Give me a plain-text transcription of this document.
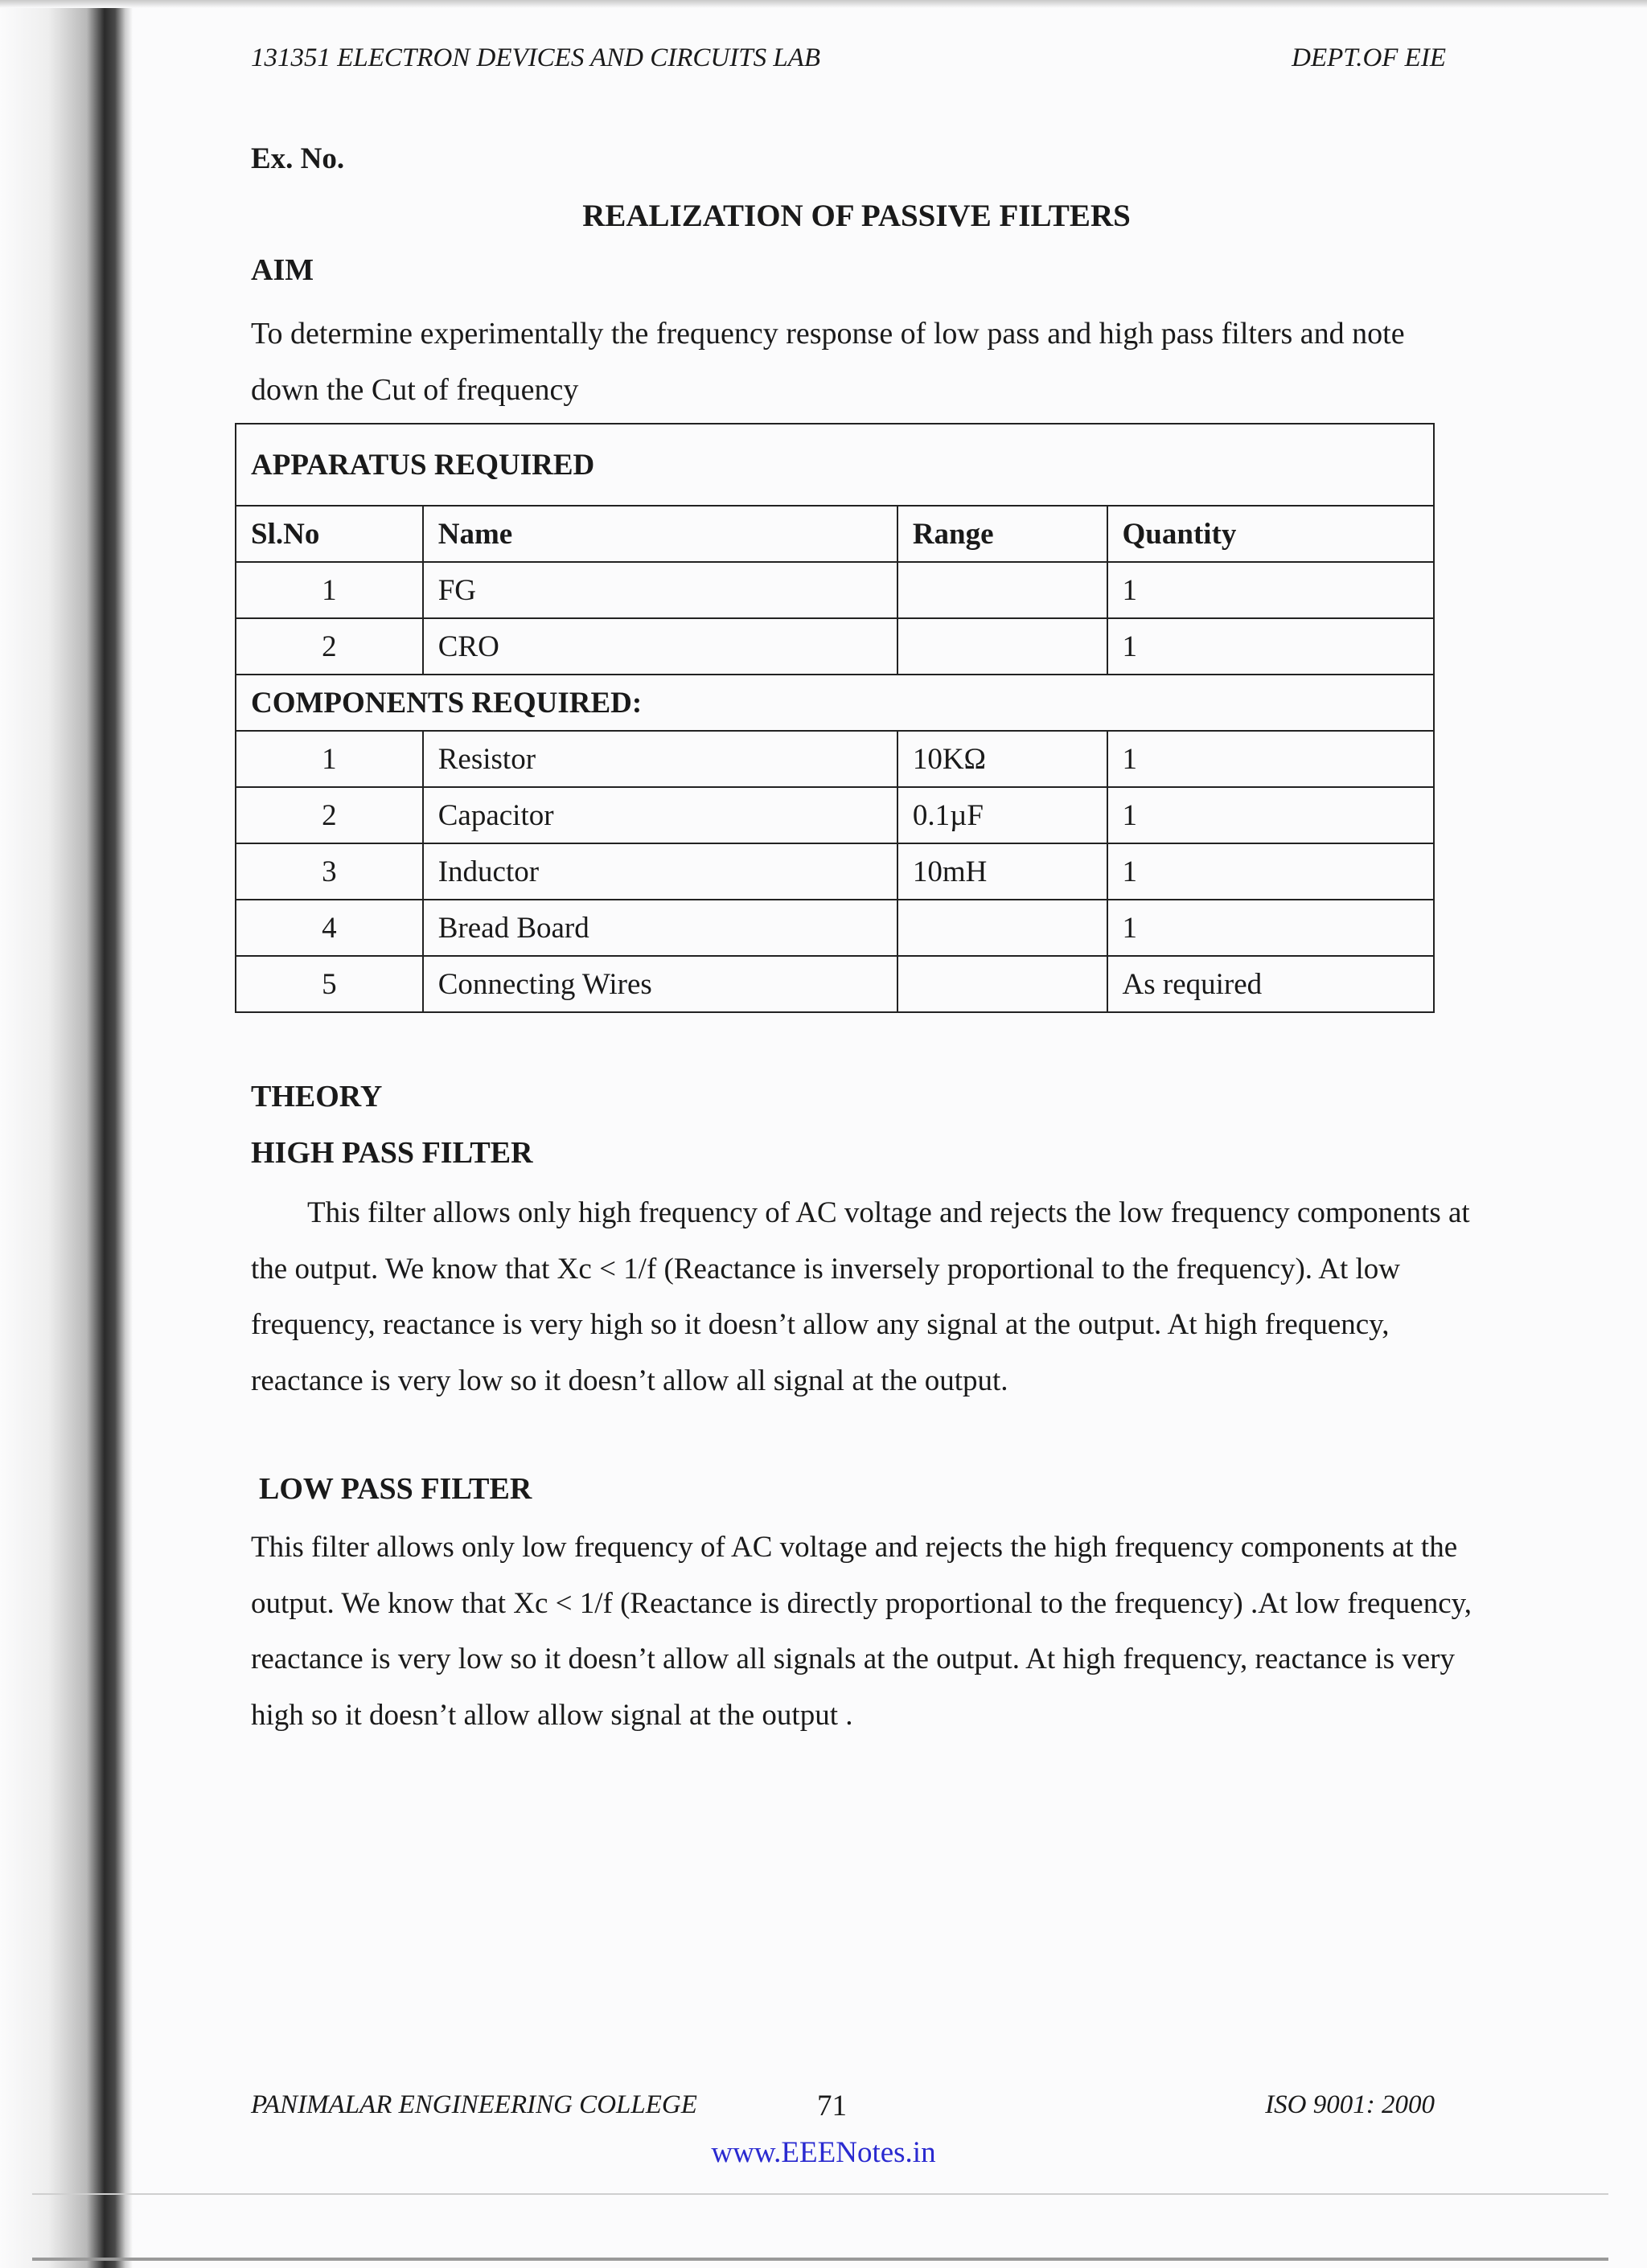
131351 ELECTRON DEVICES AND CIRCUITS LAB	DEPT.OF EIE
Ex. No.
REALIZATION OF PASSIVE FILTERS
AIM
To determine experimentally the frequency response of low pass and high pass filters and note down the Cut of frequency
APPARATUS REQUIRED			
Sl.No	Name	Range	Quantity
1	FG		1
2	CRO		1
COMPONENTS REQUIRED:			
1	Resistor	10KΩ	1
2	Capacitor	0.1µF	1
3	Inductor	10mH	1
4	Bread Board		1
5	Connecting Wires		As required
THEORY
HIGH PASS FILTER
This filter allows only high frequency of AC voltage and rejects the low frequency components at the output. We know that Xc < 1/f (Reactance is inversely proportional to the frequency). At low frequency, reactance is very high so it doesn’t allow any signal at the output. At high frequency, reactance is very low so it doesn’t allow all signal at the output.
LOW PASS FILTER
This filter allows only low frequency of AC voltage and rejects the high frequency components at the output. We know that Xc < 1/f (Reactance is directly proportional to the frequency) .At low frequency, reactance is very low so it doesn’t allow all signals at the output. At high frequency, reactance is very high so it doesn’t allow allow signal at the output .
PANIMALAR ENGINEERING COLLEGE	71	ISO 9001: 2000
www.EEENotes.in
